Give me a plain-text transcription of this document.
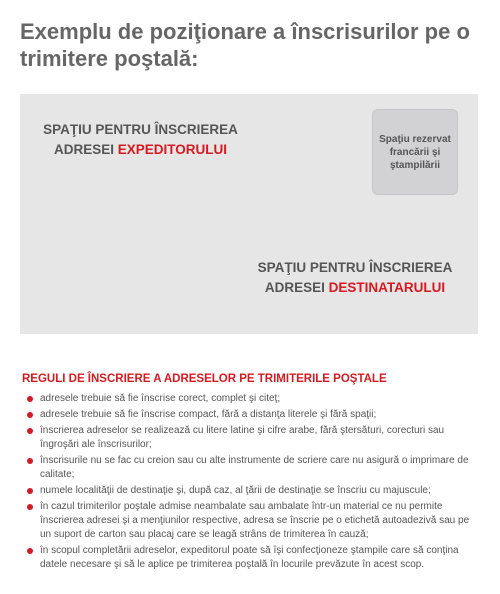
Exemplu de poziţionare a înscrisurilor pe o trimitere poştală:
SPAŢIU PENTRU ÎNSCRIEREA
ADRESEI EXPEDITORULUI
Spaţiu rezervat francării şi ştampilării
SPAŢIU PENTRU ÎNSCRIEREA
ADRESEI DESTINATARULUI
REGULI DE ÎNSCRIERE A ADRESELOR PE TRIMITERILE POŞTALE
adresele trebuie să fie înscrise corect, complet şi citeţ;
adresele trebuie să fie înscrise compact, fără a distanţa literele şi fără spaţii;
înscrierea adreselor se realizează cu litere latine şi cifre arabe, fără ştersături, corecturi sau îngroşări ale înscrisurilor;
înscrisurile nu se fac cu creion sau cu alte instrumente de scriere care nu asigură o imprimare de calitate;
numele localităţii de destinaţie şi, după caz, al ţării de destinaţie se înscriu cu majuscule;
în cazul trimiterilor poştale admise neambalate sau ambalate într-un material ce nu permite înscrierea adresei şi a menţiunilor respective, adresa se înscrie pe o etichetă autoadezivă sau pe un suport de carton sau placaj care se leagă strâns de trimiterea în cauză;
în scopul completării adreselor, expeditorul poate să îşi confecţioneze ştampile care să conţina datele necesare şi să le aplice pe trimiterea poştală în locurile prevăzute în acest scop.
